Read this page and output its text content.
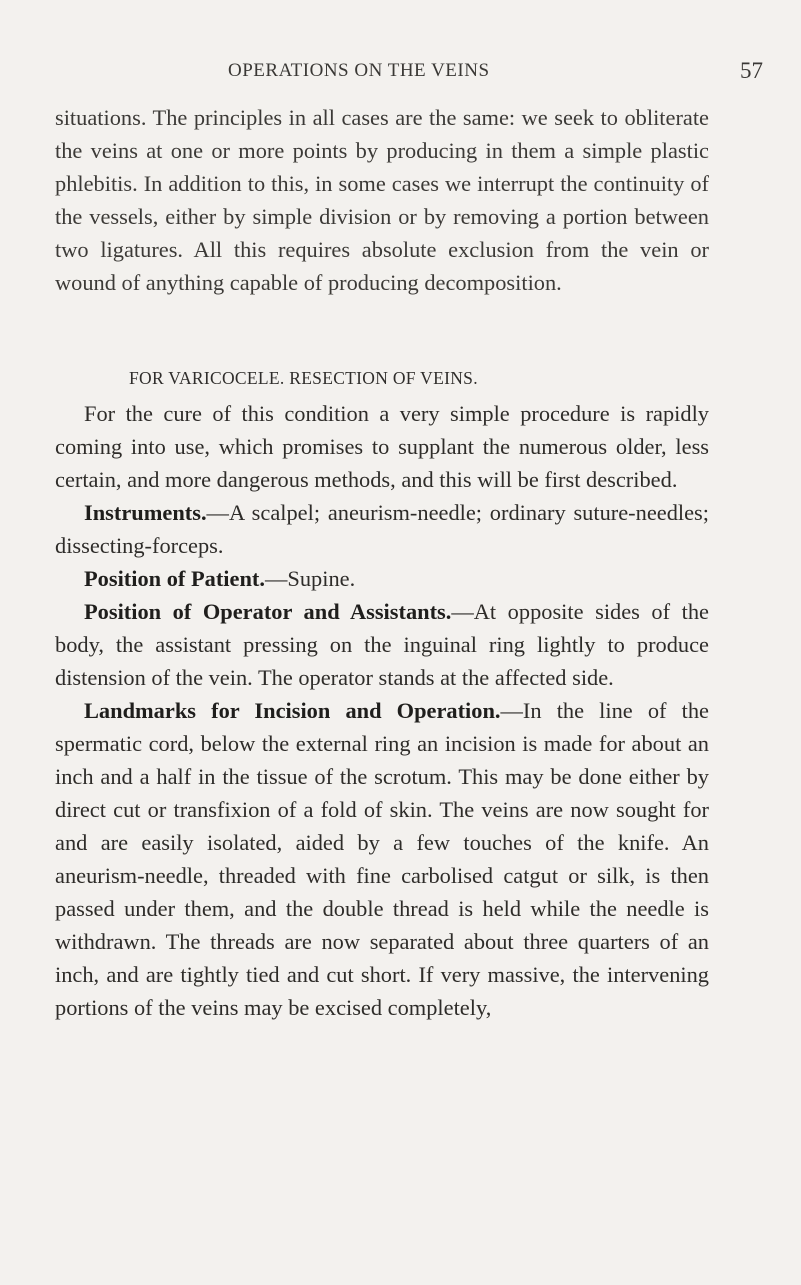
OPERATIONS ON THE VEINS	57

situations. The principles in all cases are the same: we seek to obliterate the veins at one or more points by producing in them a simple plastic phlebitis. In addition to this, in some cases we interrupt the continuity of the vessels, either by simple division or by removing a portion between two ligatures. All this requires absolute exclusion from the vein or wound of anything capable of producing decomposition.

FOR VARICOCELE. RESECTION OF VEINS.

For the cure of this condition a very simple procedure is rapidly coming into use, which promises to supplant the numerous older, less certain, and more dangerous methods, and this will be first described.

Instruments.—A scalpel; aneurism-needle; ordinary suture-needles; dissecting-forceps.

Position of Patient.—Supine.

Position of Operator and Assistants.—At opposite sides of the body, the assistant pressing on the inguinal ring lightly to produce distension of the vein. The operator stands at the affected side.

Landmarks for Incision and Operation.—In the line of the spermatic cord, below the external ring an incision is made for about an inch and a half in the tissue of the scrotum. This may be done either by direct cut or transfixion of a fold of skin. The veins are now sought for and are easily isolated, aided by a few touches of the knife. An aneurism-needle, threaded with fine carbolised catgut or silk, is then passed under them, and the double thread is held while the needle is withdrawn. The threads are now separated about three quarters of an inch, and are tightly tied and cut short. If very massive, the intervening portions of the veins may be excised completely,
